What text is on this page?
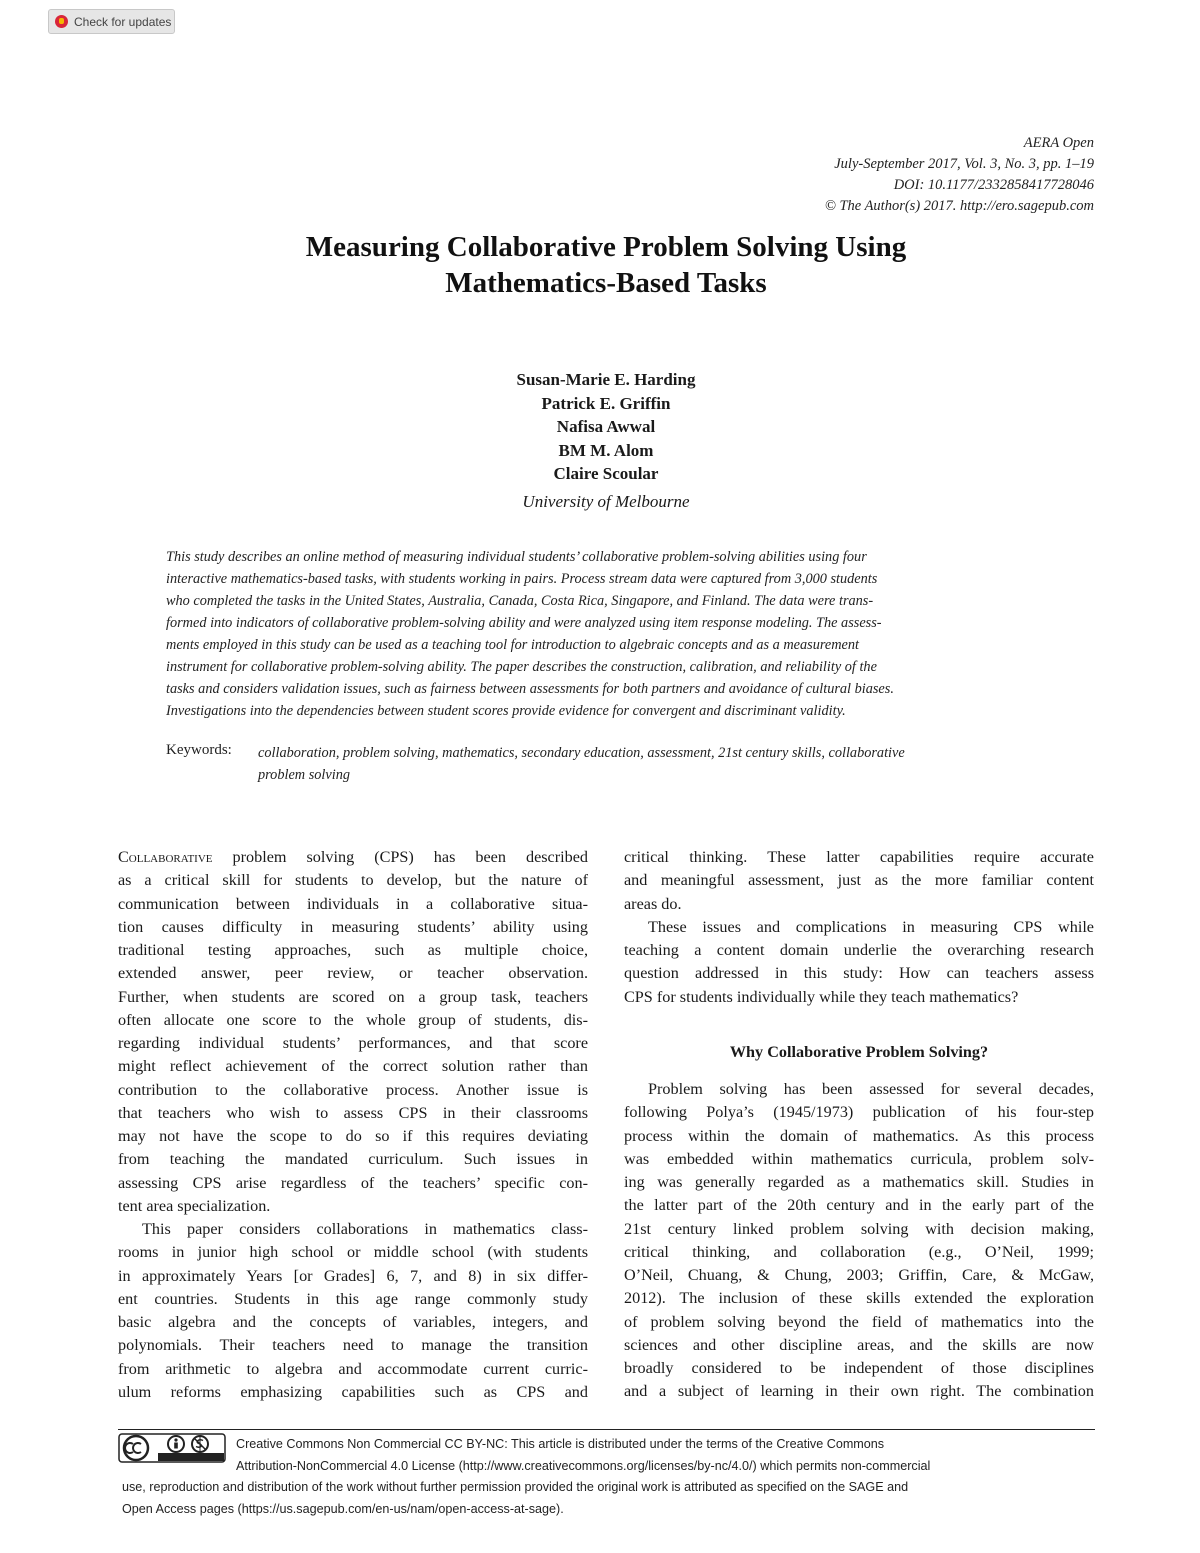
Check for updates
AERA Open
July-September 2017, Vol. 3, No. 3, pp. 1–19
DOI: 10.1177/2332858417728046
© The Author(s) 2017. http://ero.sagepub.com
Measuring Collaborative Problem Solving Using
Mathematics-Based Tasks
Susan-Marie E. Harding
Patrick E. Griffin
Nafisa Awwal
BM M. Alom
Claire Scoular
University of Melbourne
This study describes an online method of measuring individual students’ collaborative problem-solving abilities using four
interactive mathematics-based tasks, with students working in pairs. Process stream data were captured from 3,000 students
who completed the tasks in the United States, Australia, Canada, Costa Rica, Singapore, and Finland. The data were trans-
formed into indicators of collaborative problem-solving ability and were analyzed using item response modeling. The assess-
ments employed in this study can be used as a teaching tool for introduction to algebraic concepts and as a measurement
instrument for collaborative problem-solving ability. The paper describes the construction, calibration, and reliability of the
tasks and considers validation issues, such as fairness between assessments for both partners and avoidance of cultural biases.
Investigations into the dependencies between student scores provide evidence for convergent and discriminant validity.
Keywords: collaboration, problem solving, mathematics, secondary education, assessment, 21st century skills, collaborative
problem solving
Collaborative problem solving (CPS) has been described
as a critical skill for students to develop, but the nature of
communication between individuals in a collaborative situa-
tion causes difficulty in measuring students’ ability using
traditional testing approaches, such as multiple choice,
extended answer, peer review, or teacher observation.
Further, when students are scored on a group task, teachers
often allocate one score to the whole group of students, dis-
regarding individual students’ performances, and that score
might reflect achievement of the correct solution rather than
contribution to the collaborative process. Another issue is
that teachers who wish to assess CPS in their classrooms
may not have the scope to do so if this requires deviating
from teaching the mandated curriculum. Such issues in
assessing CPS arise regardless of the teachers’ specific con-
tent area specialization.
This paper considers collaborations in mathematics class-
rooms in junior high school or middle school (with students
in approximately Years [or Grades] 6, 7, and 8) in six differ-
ent countries. Students in this age range commonly study
basic algebra and the concepts of variables, integers, and
polynomials. Their teachers need to manage the transition
from arithmetic to algebra and accommodate current curric-
ulum reforms emphasizing capabilities such as CPS and
critical thinking. These latter capabilities require accurate
and meaningful assessment, just as the more familiar content
areas do.
These issues and complications in measuring CPS while
teaching a content domain underlie the overarching research
question addressed in this study: How can teachers assess
CPS for students individually while they teach mathematics?
Why Collaborative Problem Solving?
Problem solving has been assessed for several decades,
following Polya’s (1945/1973) publication of his four-step
process within the domain of mathematics. As this process
was embedded within mathematics curricula, problem solv-
ing was generally regarded as a mathematics skill. Studies in
the latter part of the 20th century and in the early part of the
21st century linked problem solving with decision making,
critical thinking, and collaboration (e.g., O’Neil, 1999;
O’Neil, Chuang, & Chung, 2003; Griffin, Care, & McGaw,
2012). The inclusion of these skills extended the exploration
of problem solving beyond the field of mathematics into the
sciences and other discipline areas, and the skills are now
broadly considered to be independent of those disciplines
and a subject of learning in their own right. The combination
Creative Commons Non Commercial CC BY-NC: This article is distributed under the terms of the Creative Commons
Attribution-NonCommercial 4.0 License (http://www.creativecommons.org/licenses/by-nc/4.0/) which permits non-commercial
use, reproduction and distribution of the work without further permission provided the original work is attributed as specified on the SAGE and
Open Access pages (https://us.sagepub.com/en-us/nam/open-access-at-sage).
